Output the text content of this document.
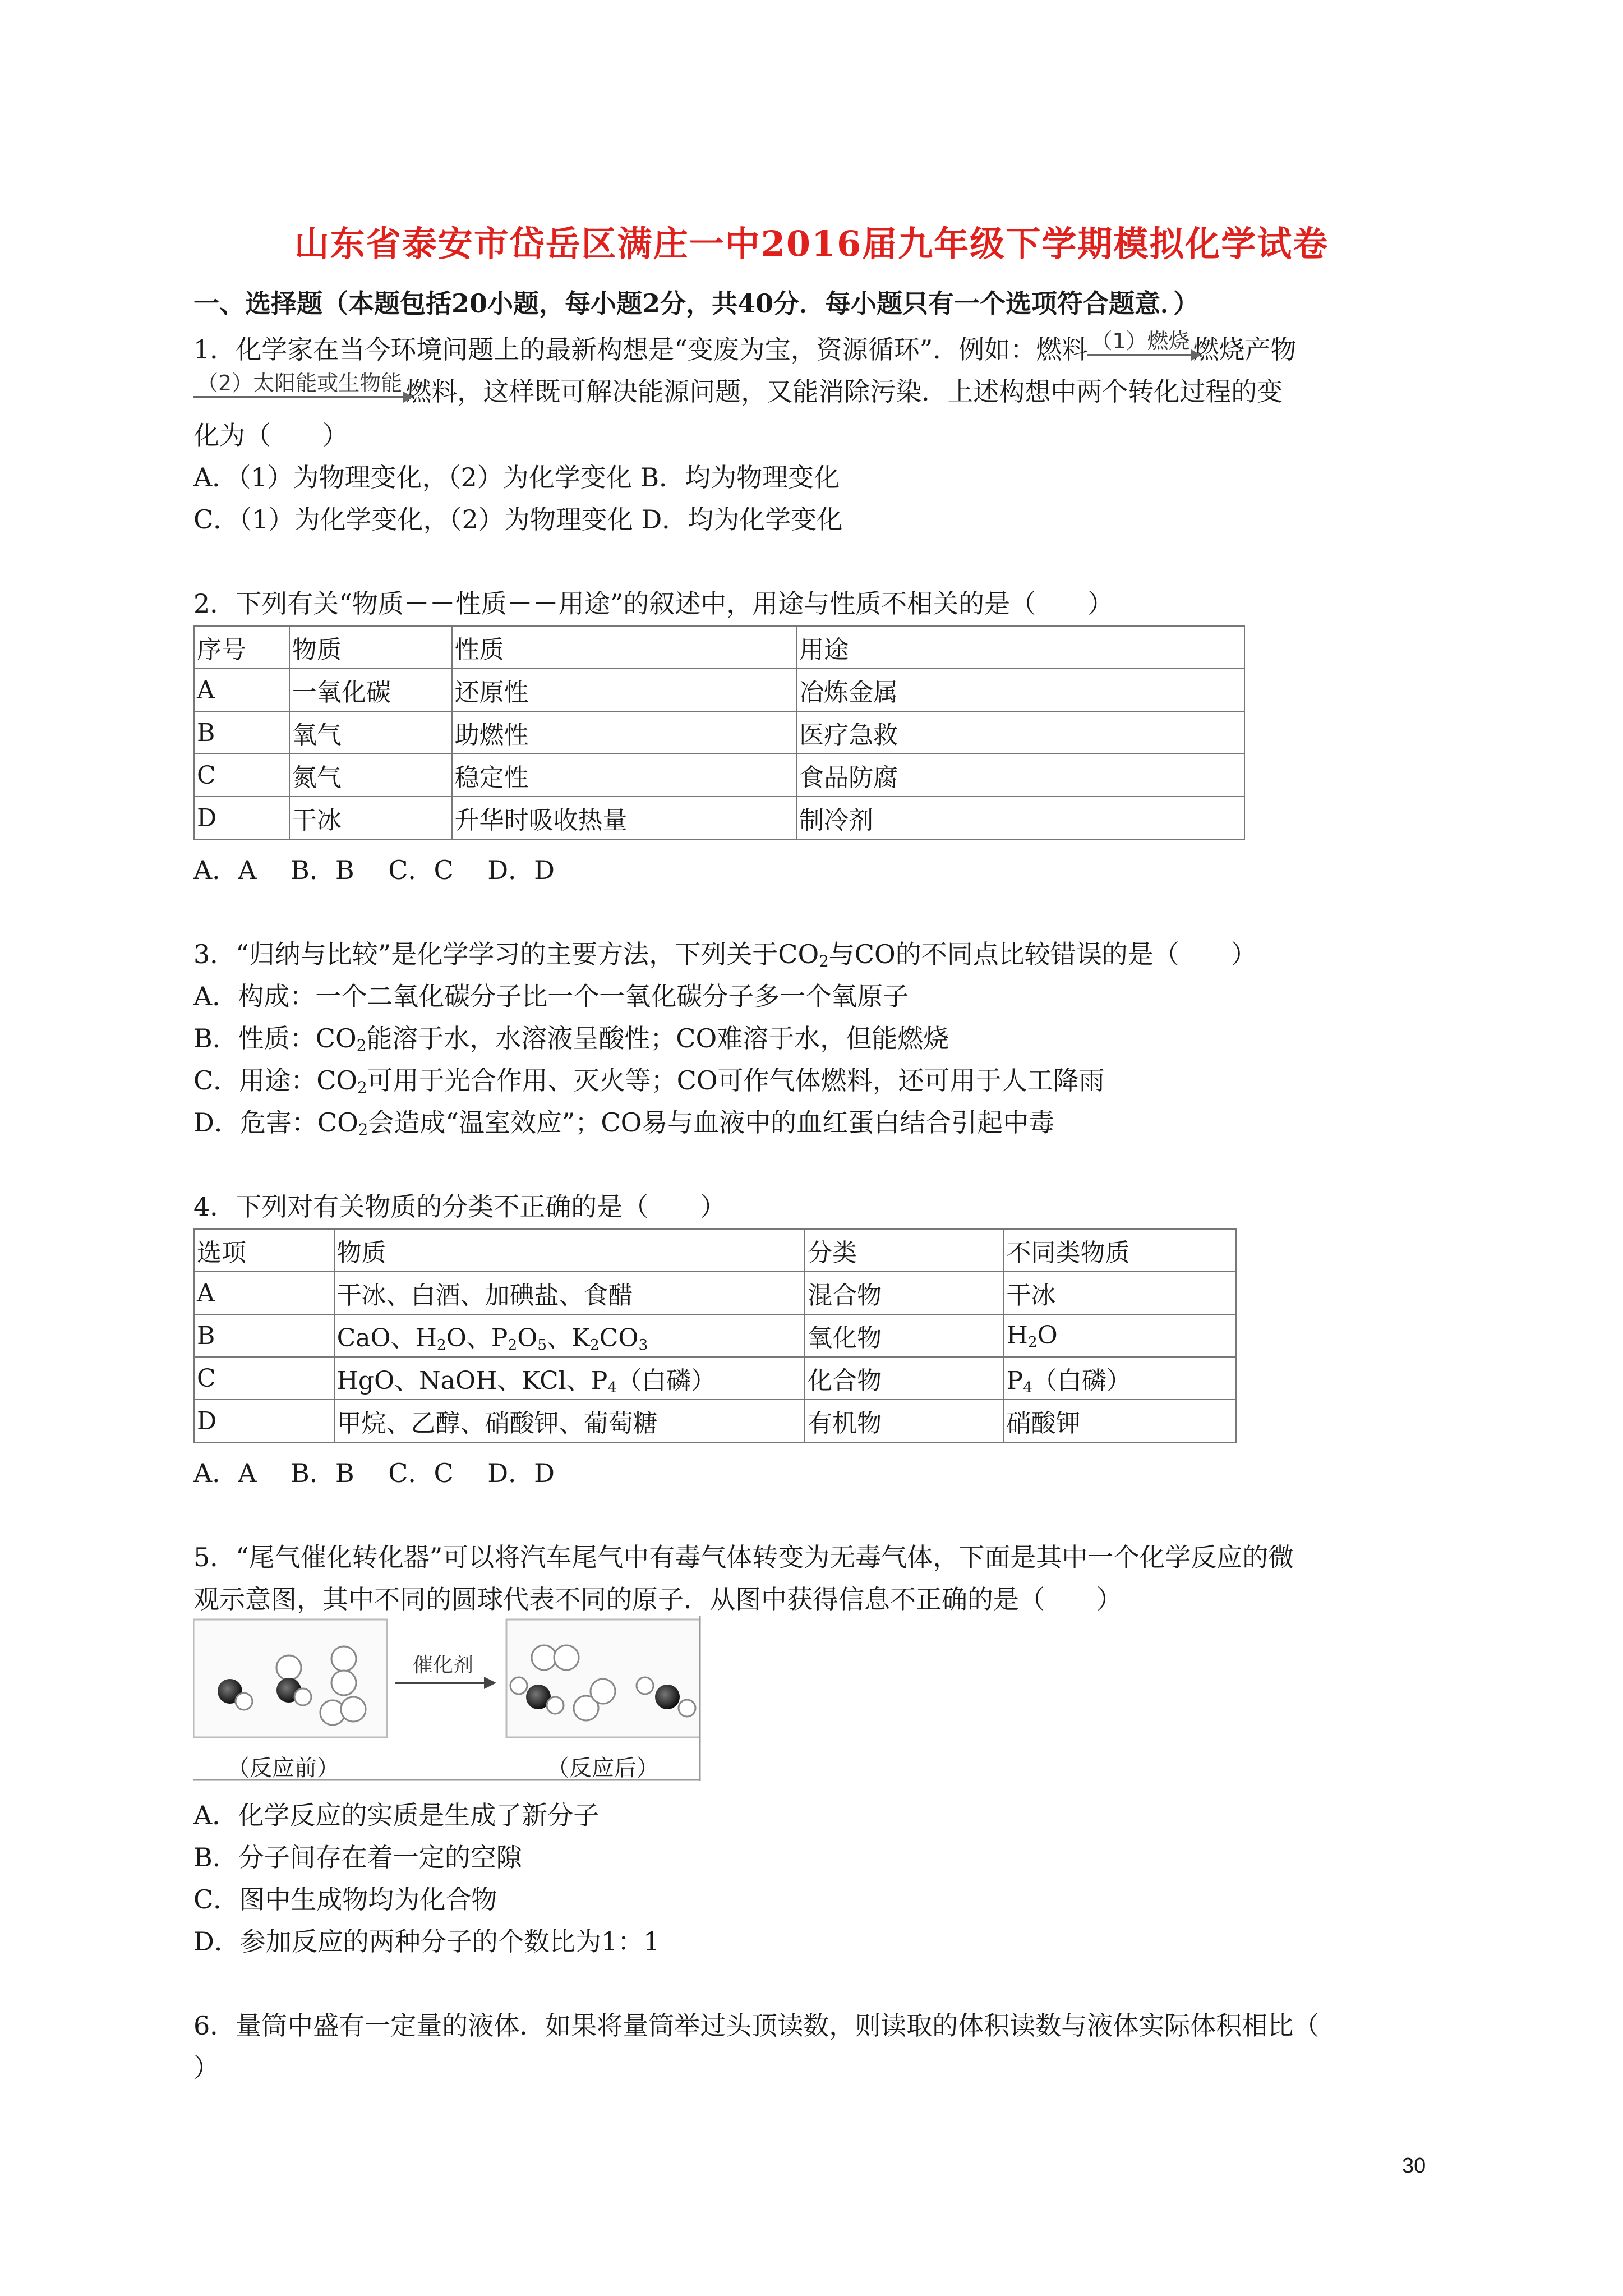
山东省泰安市岱岳区满庄一中2016届九年级下学期模拟化学试卷
一、选择题（本题包括20小题，每小题2分，共40分．每小题只有一个选项符合题意．）
1．化学家在当今环境问题上的最新构想是“变废为宝，资源循环”．例如：燃料 （1）燃烧 燃烧产物
（2）太阳能或生物能 燃料，这样既可解决能源问题，又能消除污染．上述构想中两个转化过程的变
化为（　　）
A．（1）为物理变化，（2）为化学变化 B．均为物理变化
C．（1）为化学变化，（2）为物理变化 D．均为化学变化
2．下列有关“物质－－性质－－用途”的叙述中，用途与性质不相关的是（　　）
序号	物质	性质	用途
A	一氧化碳	还原性	冶炼金属
B	氧气	助燃性	医疗急救
C	氮气	稳定性	食品防腐
D	干冰	升华时吸收热量	制冷剂
A．A　 B．B　 C．C　 D．D
3．“归纳与比较”是化学学习的主要方法，下列关于$CO_2$与CO的不同点比较错误的是（　　）
A．构成：一个二氧化碳分子比一个一氧化碳分子多一个氧原子
B．性质：$CO_2$能溶于水，水溶液呈酸性；CO难溶于水，但能燃烧
C．用途：$CO_2$可用于光合作用、灭火等；CO可作气体燃料，还可用于人工降雨
D．危害：$CO_2$会造成“温室效应”；CO易与血液中的血红蛋白结合引起中毒
4．下列对有关物质的分类不正确的是（　　）
选项	物质	分类	不同类物质
A	干冰、白酒、加碘盐、食醋	混合物	干冰
B	CaO、$H_2O$、$P_2O_5$、$K_2CO_3$	氧化物	$H_2O$
C	HgO、NaOH、KCl、$P_4$（白磷）	化合物	$P_4$（白磷）
D	甲烷、乙醇、硝酸钾、葡萄糖	有机物	硝酸钾
A．A　 B．B　 C．C　 D．D
5．“尾气催化转化器”可以将汽车尾气中有毒气体转变为无毒气体，下面是其中一个化学反应的微
观示意图，其中不同的圆球代表不同的原子．从图中获得信息不正确的是（　　）
催化剂
（反应前）	（反应后）
A．化学反应的实质是生成了新分子
B．分子间存在着一定的空隙
C．图中生成物均为化合物
D．参加反应的两种分子的个数比为1：1
6．量筒中盛有一定量的液体．如果将量筒举过头顶读数，则读取的体积读数与液体实际体积相比（
）
30
